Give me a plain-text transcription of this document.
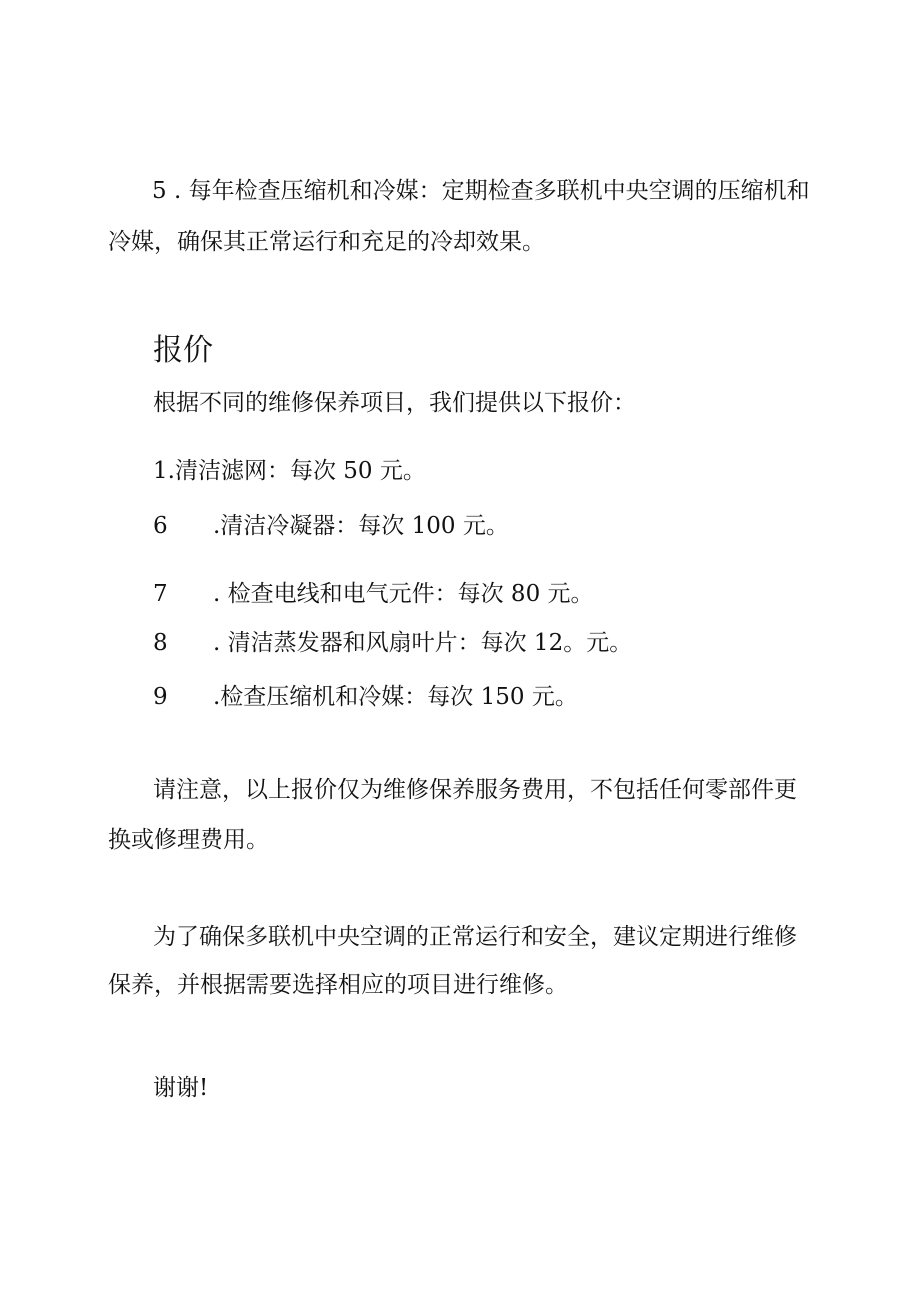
5 . 每年检查压缩机和冷媒：定期检查多联机中央空调的压缩机和
冷媒，确保其正常运行和充足的冷却效果。
报价
根据不同的维修保养项目，我们提供以下报价：
1.清洁滤网：每次 50 元。
6 .清洁冷凝器：每次 100 元。
7 . 检查电线和电气元件：每次 80 元。
8 . 清洁蒸发器和风扇叶片：每次 12。元。
9 .检查压缩机和冷媒：每次 150 元。
请注意，以上报价仅为维修保养服务费用，不包括任何零部件更
换或修理费用。
为了确保多联机中央空调的正常运行和安全，建议定期进行维修
保养，并根据需要选择相应的项目进行维修。
谢谢!
